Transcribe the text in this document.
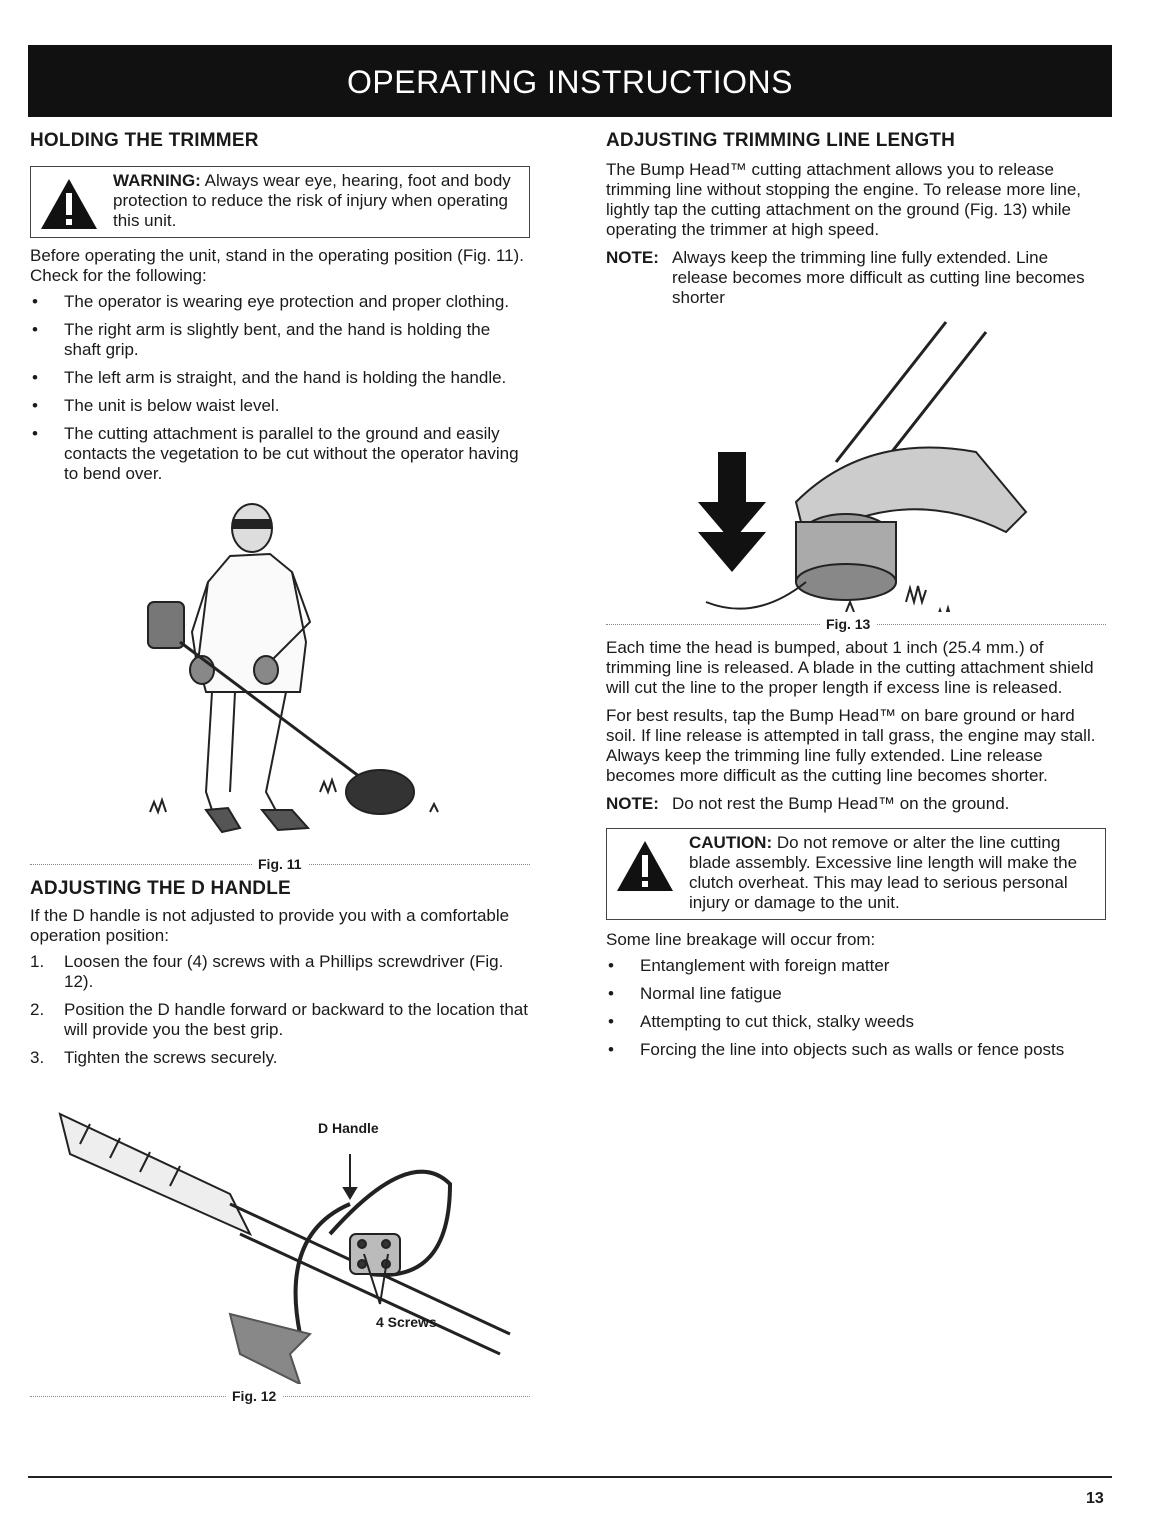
OPERATING INSTRUCTIONS
HOLDING THE TRIMMER
WARNING: Always wear eye, hearing, foot and body protection to reduce the risk of injury when operating this unit.

Before operating the unit, stand in the operating position (Fig. 11). Check for the following:

• The operator is wearing eye protection and proper clothing.
• The right arm is slightly bent, and the hand is holding the shaft grip.
• The left arm is straight, and the hand is holding the handle.
• The unit is below waist level.
• The cutting attachment is parallel to the ground and easily contacts the vegetation to be cut without the operator having to bend over.
Fig. 11
ADJUSTING THE D HANDLE

If the D handle is not adjusted to provide you with a comfortable operation position:

1. Loosen the four (4) screws with a Phillips screwdriver (Fig. 12).
2. Position the D handle forward or backward to the location that will provide you the best grip.
3. Tighten the screws securely.
D Handle
4 Screws
Fig. 12
ADJUSTING TRIMMING LINE LENGTH

The Bump Head™ cutting attachment allows you to release trimming line without stopping the engine. To release more line, lightly tap the cutting attachment on the ground (Fig. 13) while operating the trimmer at high speed.

NOTE: Always keep the trimming line fully extended. Line release becomes more difficult as cutting line becomes shorter
Fig. 13

Each time the head is bumped, about 1 inch (25.4 mm.) of trimming line is released. A blade in the cutting attachment shield will cut the line to the proper length if excess line is released.

For best results, tap the Bump Head™ on bare ground or hard soil. If line release is attempted in tall grass, the engine may stall. Always keep the trimming line fully extended. Line release becomes more difficult as the cutting line becomes shorter.

NOTE: Do not rest the Bump Head™ on the ground.
CAUTION: Do not remove or alter the line cutting blade assembly. Excessive line length will make the clutch overheat. This may lead to serious personal injury or damage to the unit.

Some line breakage will occur from:

• Entanglement with foreign matter
• Normal line fatigue
• Attempting to cut thick, stalky weeds
• Forcing the line into objects such as walls or fence posts
13
